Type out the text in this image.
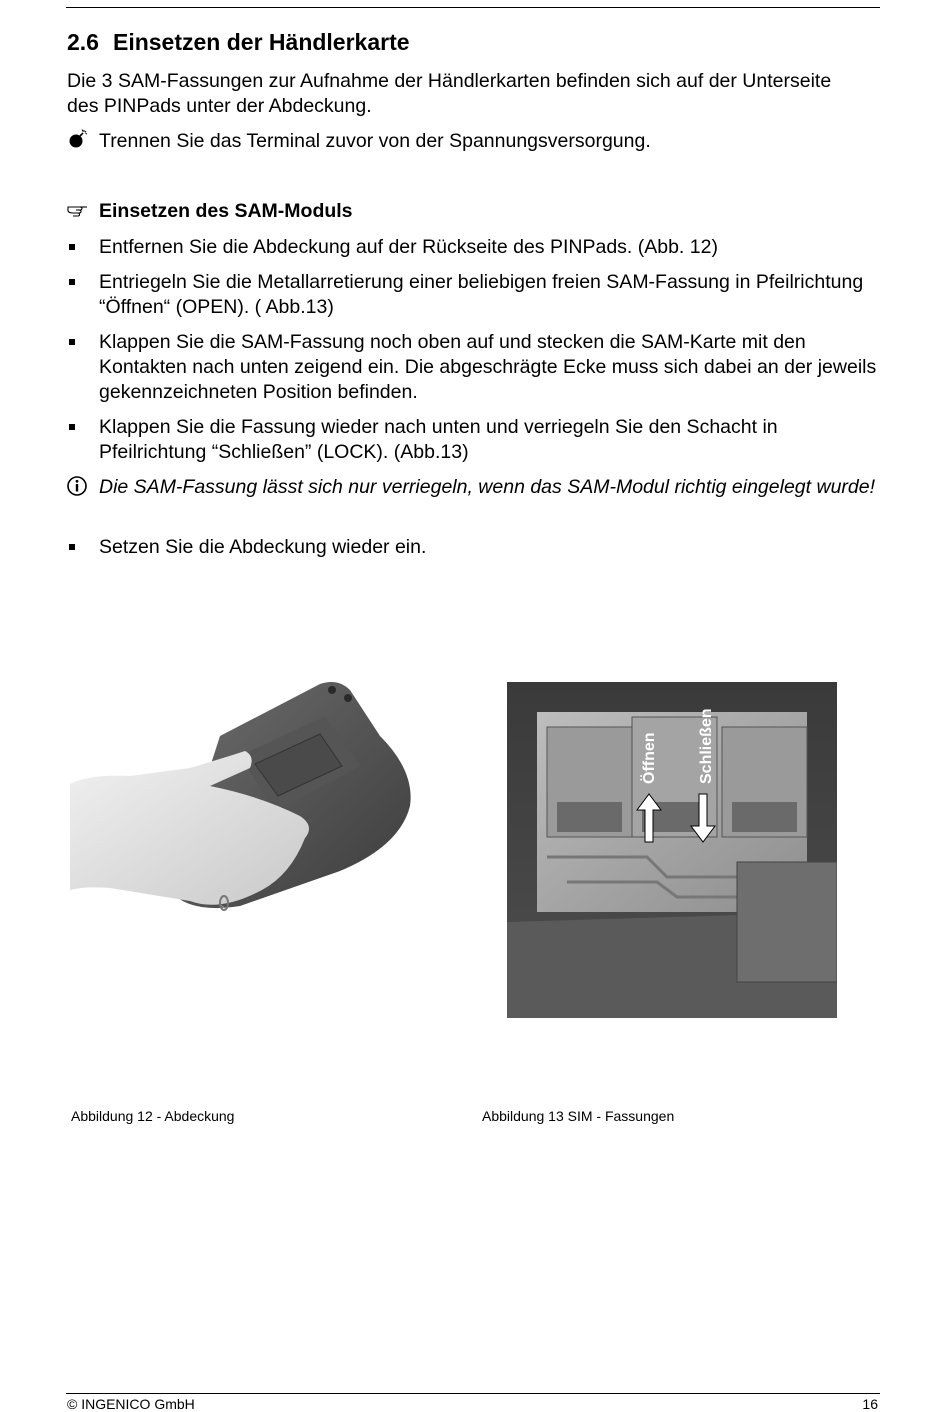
2.6 Einsetzen der Händlerkarte
Die 3 SAM-Fassungen zur Aufnahme der Händlerkarten befinden sich auf der Unterseite des PINPads unter der Abdeckung.
Trennen Sie das Terminal zuvor von der Spannungsversorgung.
Einsetzen des SAM-Moduls
Entfernen Sie die Abdeckung auf der Rückseite des PINPads. (Abb. 12)
Entriegeln Sie die Metallarretierung einer beliebigen freien SAM-Fassung in Pfeilrichtung “Öffnen“ (OPEN). ( Abb.13)
Klappen Sie die SAM-Fassung noch oben auf und stecken die SAM-Karte mit den Kontakten nach unten zeigend ein. Die abgeschrägte Ecke muss sich dabei an der jeweils gekennzeichneten Position befinden.
Klappen Sie die Fassung wieder nach unten und verriegeln Sie den Schacht in Pfeilrichtung “Schließen” (LOCK). (Abb.13)
Die SAM-Fassung lässt sich nur verriegeln, wenn das SAM-Modul richtig eingelegt wurde!
Setzen Sie die Abdeckung wieder ein.
Öffnen	Schließen
Abbildung 12 - Abdeckung	Abbildung 13 SIM - Fassungen
© INGENICO GmbH	16
